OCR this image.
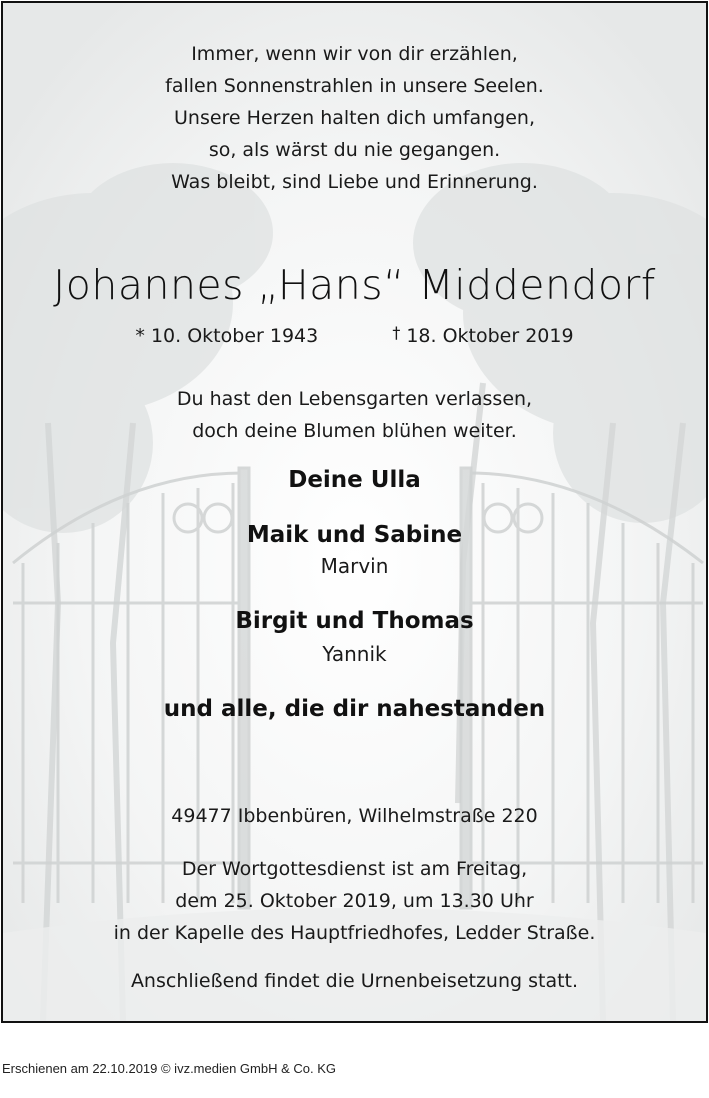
Immer, wenn wir von dir erzählen,
fallen Sonnenstrahlen in unsere Seelen.
Unsere Herzen halten dich umfangen,
so, als wärst du nie gegangen.
Was bleibt, sind Liebe und Erinnerung.
Johannes „Hans“ Middendorf
* 10. Oktober 1943	† 18. Oktober 2019
Du hast den Lebensgarten verlassen,
doch deine Blumen blühen weiter.
Deine Ulla
Maik und Sabine
Marvin
Birgit und Thomas
Yannik
und alle, die dir nahestanden
49477 Ibbenbüren, Wilhelmstraße 220
Der Wortgottesdienst ist am Freitag,
dem 25. Oktober 2019, um 13.30 Uhr
in der Kapelle des Hauptfriedhofes, Ledder Straße.
Anschließend findet die Urnenbeisetzung statt.
Erschienen am 22.10.2019 © ivz.medien GmbH & Co. KG
